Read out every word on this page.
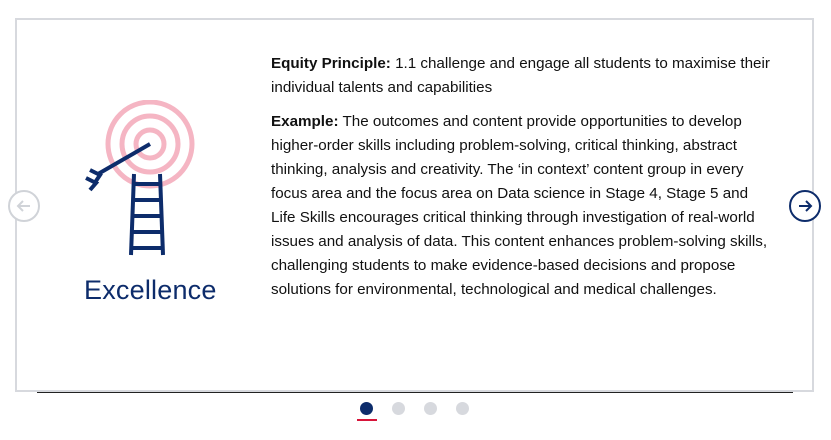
Excellence

Equity Principle: 1.1 challenge and engage all students to maximise their individual talents and capabilities

Example: The outcomes and content provide opportunities to develop higher-order skills including problem-solving, critical thinking, abstract thinking, analysis and creativity. The ‘in context’ content group in every focus area and the focus area on Data science in Stage 4, Stage 5 and Life Skills encourages critical thinking through investigation of real-world issues and analysis of data. This content enhances problem-solving skills, challenging students to make evidence-based decisions and propose solutions for environmental, technological and medical challenges.
